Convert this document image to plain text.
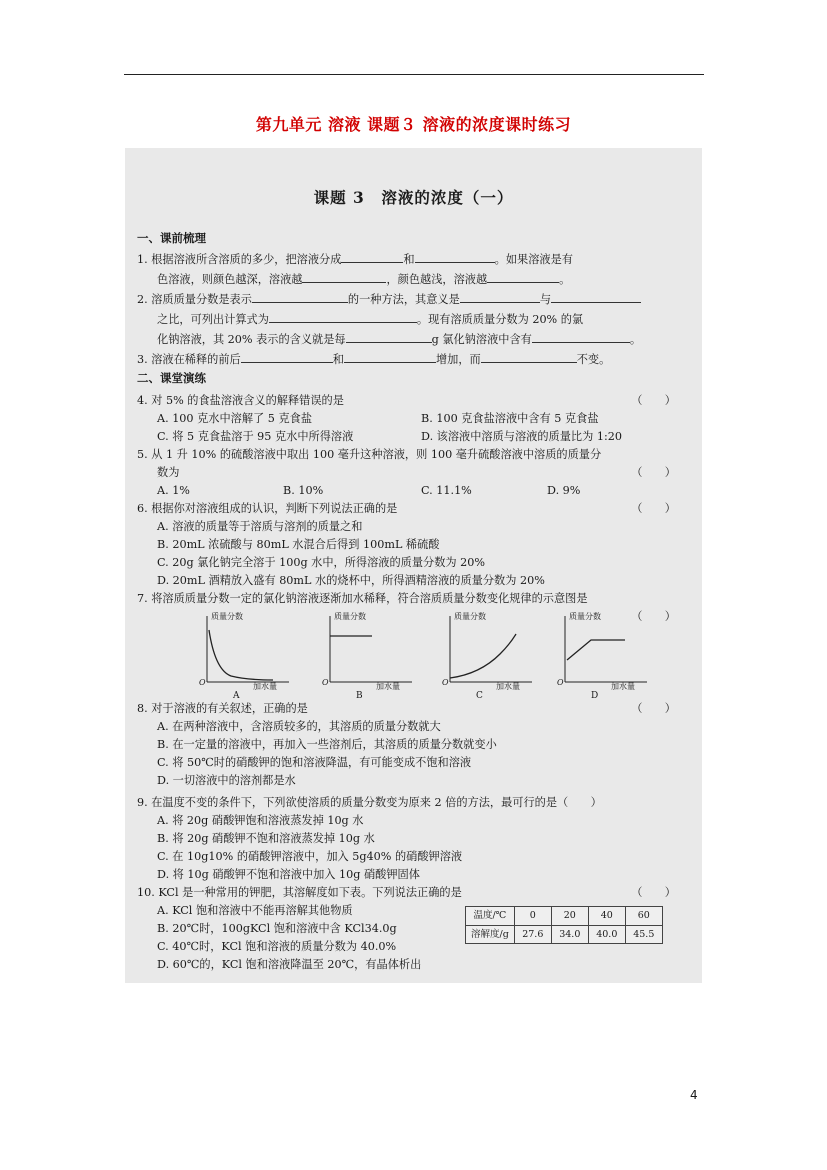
第九单元 溶液 课题３ 溶液的浓度课时练习
课题 3　溶液的浓度（一）
一、课前梳理
1. 根据溶液所含溶质的多少，把溶液分成	和	。如果溶液是有
色溶液，则颜色越深，溶液越	，颜色越浅，溶液越	。
2. 溶质质量分数是表示	的一种方法，其意义是	与
之比，可列出计算式为	。现有溶质质量分数为 20% 的氯
化钠溶液，其 20% 表示的含义就是每	g 氯化钠溶液中含有	。
3. 溶液在稀释的前后	和	增加，而	不变。
二、课堂演练
4. 对 5% 的食盐溶液含义的解释错误的是	（　　）
A. 100 克水中溶解了 5 克食盐	B. 100 克食盐溶液中含有 5 克食盐
C. 将 5 克食盐溶于 95 克水中所得溶液	D. 该溶液中溶质与溶液的质量比为 1:20
5. 从 1 升 10% 的硫酸溶液中取出 100 毫升这种溶液，则 100 毫升硫酸溶液中溶质的质量分
数为	（　　）
A. 1%	B. 10%	C. 11.1%	D. 9%
6. 根据你对溶液组成的认识，判断下列说法正确的是	（　　）
A. 溶液的质量等于溶质与溶剂的质量之和
B. 20mL 浓硫酸与 80mL 水混合后得到 100mL 稀硫酸
C. 20g 氯化钠完全溶于 100g 水中，所得溶液的质量分数为 20%
D. 20mL 酒精放入盛有 80mL 水的烧杯中，所得酒精溶液的质量分数为 20%
7. 将溶质质量分数一定的氯化钠溶液逐渐加水稀释，符合溶质质量分数变化规律的示意图是
（　　）
质量分数
O	加水量
A
质量分数
O	加水量
B
质量分数
O	加水量
C
质量分数
O	加水量
D
8. 对于溶液的有关叙述，正确的是	（　　）
A. 在两种溶液中，含溶质较多的，其溶质的质量分数就大
B. 在一定量的溶液中，再加入一些溶剂后，其溶质的质量分数就变小
C. 将 50℃时的硝酸钾的饱和溶液降温，有可能变成不饱和溶液
D. 一切溶液中的溶剂都是水
9. 在温度不变的条件下，下列欲使溶质的质量分数变为原来 2 倍的方法，最可行的是（　　）
A. 将 20g 硝酸钾饱和溶液蒸发掉 10g 水
B. 将 20g 硝酸钾不饱和溶液蒸发掉 10g 水
C. 在 10g10% 的硝酸钾溶液中，加入 5g40% 的硝酸钾溶液
D. 将 10g 硝酸钾不饱和溶液中加入 10g 硝酸钾固体
10. KCl 是一种常用的钾肥，其溶解度如下表。下列说法正确的是	（　　）
A. KCl 饱和溶液中不能再溶解其他物质
B. 20℃时，100gKCl 饱和溶液中含 KCl34.0g
C. 40℃时，KCl 饱和溶液的质量分数为 40.0%
D. 60℃的，KCl 饱和溶液降温至 20℃，有晶体析出
温度/℃	0	20	40	60
溶解度/g	27.6	34.0	40.0	45.5
4
